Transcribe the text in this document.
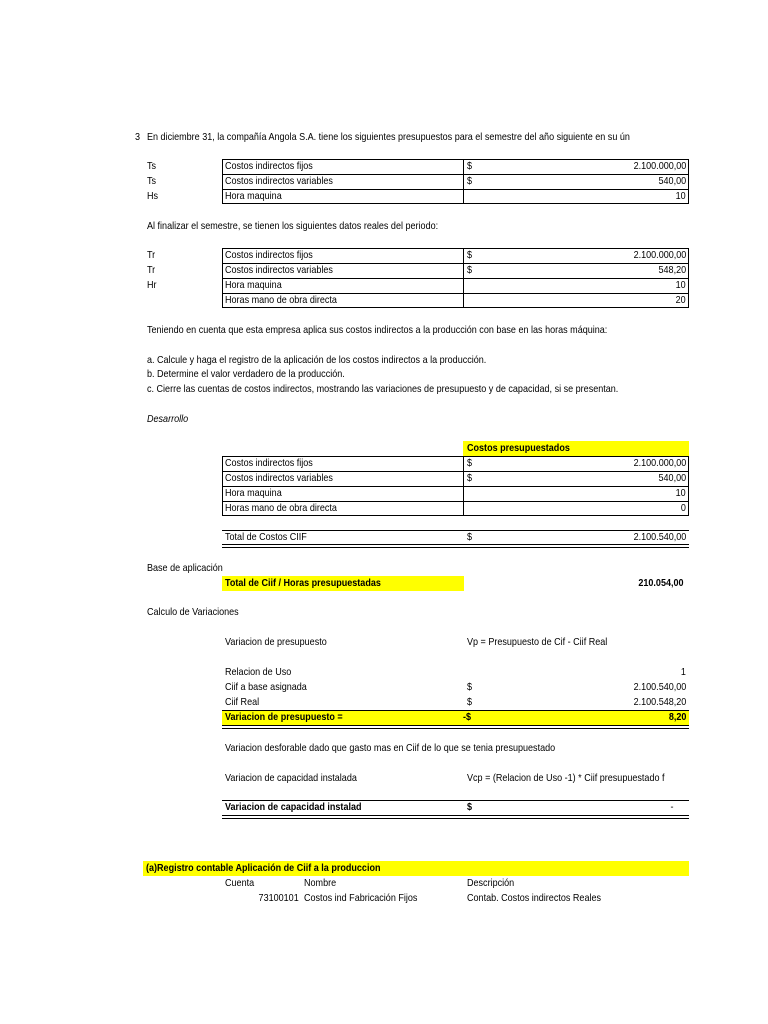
3 En diciembre 31, la compañía Angola S.A. tiene los siguientes presupuestos para el semestre del año siguiente en su ún
Ts	Costos indirectos fijos	$	2.100.000,00
Ts	Costos indirectos variables	$	540,00
Hs	Hora maquina	10
Al finalizar el semestre, se tienen los siguientes datos reales del periodo:
Tr	Costos indirectos fijos	$	2.100.000,00
Tr	Costos indirectos variables	$	548,20
Hr	Hora maquina	10
Horas mano de obra directa	20
Teniendo en cuenta que esta empresa aplica sus costos indirectos a la producción con base en las horas máquina:
a. Calcule y haga el registro de la aplicación de los costos indirectos a la producción.
b. Determine el valor verdadero de la producción.
c. Cierre las cuentas de costos indirectos, mostrando las variaciones de presupuesto y de capacidad, si se presentan.
Desarrollo
Costos presupuestados
Costos indirectos fijos	$	2.100.000,00
Costos indirectos variables	$	540,00
Hora maquina	10
Horas mano de obra directa	0
Total de Costos CIIF	$	2.100.540,00
Base de aplicación
Total de Ciif / Horas presupuestadas	210.054,00
Calculo de Variaciones
Variacion de presupuesto	Vp = Presupuesto de Cif - Ciif Real
Relacion de Uso	1
Ciif a base asignada	$	2.100.540,00
Ciif Real	$	2.100.548,20
Variacion de presupuesto =	-$	8,20
Variacion desforable dado que gasto mas en Ciif de lo que se tenia presupuestado
Variacion de capacidad instalada	Vcp = (Relacion de Uso -1) * Ciif presupuestado f
Variacion de capacidad instalad	$	-
(a)Registro contable Aplicación de Ciif a la produccion
Cuenta	Nombre	Descripción
73100101 Costos ind Fabricación Fijos	Contab. Costos indirectos Reales
